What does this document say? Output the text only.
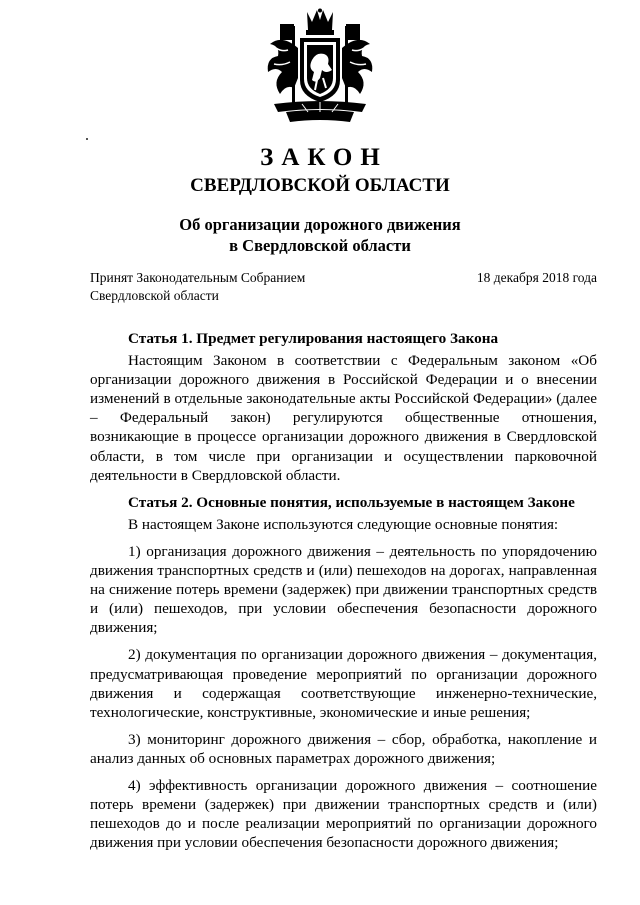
ЗАКОН
СВЕРДЛОВСКОЙ ОБЛАСТИ
Об организации дорожного движения
в Свердловской области
Принят Законодательным Собранием
Свердловской области
18 декабря 2018 года
Статья 1. Предмет регулирования настоящего Закона
Настоящим Законом в соответствии с Федеральным законом «Об организации дорожного движения в Российской Федерации и о внесении изменений в отдельные законодательные акты Российской Федерации» (далее – Федеральный закон) регулируются общественные отношения, возникающие в процессе организации дорожного движения в Свердловской области, в том числе при организации и осуществлении парковочной деятельности в Свердловской области.
Статья 2. Основные понятия, используемые в настоящем Законе
В настоящем Законе используются следующие основные понятия:
1) организация дорожного движения – деятельность по упорядочению движения транспортных средств и (или) пешеходов на дорогах, направленная на снижение потерь времени (задержек) при движении транспортных средств и (или) пешеходов, при условии обеспечения безопасности дорожного движения;
2) документация по организации дорожного движения – документация, предусматривающая проведение мероприятий по организации дорожного движения и содержащая соответствующие инженерно-технические, технологические, конструктивные, экономические и иные решения;
3) мониторинг дорожного движения – сбор, обработка, накопление и анализ данных об основных параметрах дорожного движения;
4) эффективность организации дорожного движения – соотношение потерь времени (задержек) при движении транспортных средств и (или) пешеходов до и после реализации мероприятий по организации дорожного движения при условии обеспечения безопасности дорожного движения;
